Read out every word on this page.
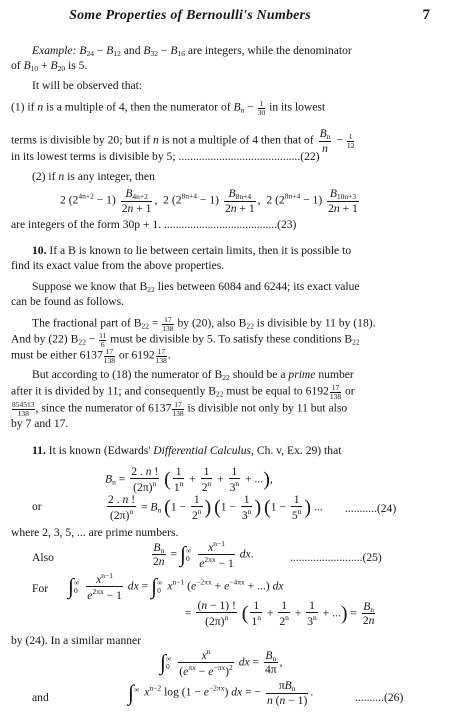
Some Properties of Bernoulli's Numbers	7
Example: $B_{24} - B_{12}$ and $B_{32} - B_{16}$ are integers, while the denominator
of $B_{10} + B_{20}$ is 5.
It will be observed that:
(1) if n is a multiple of 4, then the numerator of $B_n - \frac{1}{30}$ in its lowest
terms is divisible by 20; but if n is not a multiple of 4 then that of $\frac{B_n}{n} - \frac{1}{12}$
in its lowest terms is divisible by 5; ..........................................(22)
(2) if n is any integer, then
2 $(2^{4n+2} - 1) \frac{B_{4n+2}}{2n + 1}$ ,  2 $(2^{8n+4} - 1) \frac{B_{8n+4}}{2n + 1}$ ,  2 $(2^{8n+4} - 1) \frac{B_{10n+3}}{2n + 1}$
are integers of the form 30p + 1. .......................................(23)
10. If a B is known to lie between certain limits, then it is possible to
find its exact value from the above properties.
Suppose we know that $B_{22}$ lies between 6084 and 6244; its exact value
can be found as follows.
The fractional part of $B_{22} = \frac{17}{138}$ by (20), also $B_{22}$ is divisible by 11 by (18).
And by (22) $B_{22} - \frac{11}{6}$ must be divisible by 5. To satisfy these conditions $B_{22}$
must be either $6137 \frac{17}{138}$ or $6192 \frac{17}{138}$ .
But according to (18) the numerator of $B_{22}$ should be a prime number
after it is divided by 11; and consequently $B_{22}$ must be equal to $6192 \frac{17}{138}$ or
$\frac{854513}{138}$ , since the numerator of $6137 \frac{17}{138}$ is divisible not only by 11 but also
by 7 and 17.
11. It is known (Edwards' Differential Calculus, Ch. v, Ex. 29) that
$B_n = \frac{2 . n !}{(2\pi)^n}$ ( $\frac{1}{1^n} + \frac{1}{2^n} + \frac{1}{3^n}$ + ...),
or	$\frac{2 . n !}{(2\pi)^n} = B_n$ ($1 - \frac{1}{2^n}$ ) ($1 - \frac{1}{3^n}$ ) ($1 - \frac{1}{5^n}$ ) ... ...........(24)
where 2, 3, 5, ... are prime numbers.
Also	$\frac{B_n}{2n}$ = ∫ ∞
0
$\frac{x^{n-1}}{e^{2\pi x} - 1}$ dx.	.........................(25)
For ∫ ∞
0
$\frac{x^{n-1}}{e^{2\pi x} - 1}$ dx = ∫ ∞
0 $x^{n-1}$ ($e^{-2\pi x} + e^{-4\pi x}$ + ...) dx
= $\frac{(n - 1) !}{(2\pi)^n}$ ( $\frac{1}{1^n} + \frac{1}{2^n} + \frac{1}{3^n}$ + ...) = $\frac{B_n}{2n}$
by (24). In a similar manner
∫ ∞
0
$\frac{x^n}{(e^{\pi x} - e^{-\pi x})^2}$ dx = $\frac{B_n}{4\pi}$ ,
and	∫ ∞
$x^{n-2}$ $\log (1 - e^{-2\pi x})$ dx = − $\frac{\pi B_n}{n (n - 1)}$ .	..........(26)
